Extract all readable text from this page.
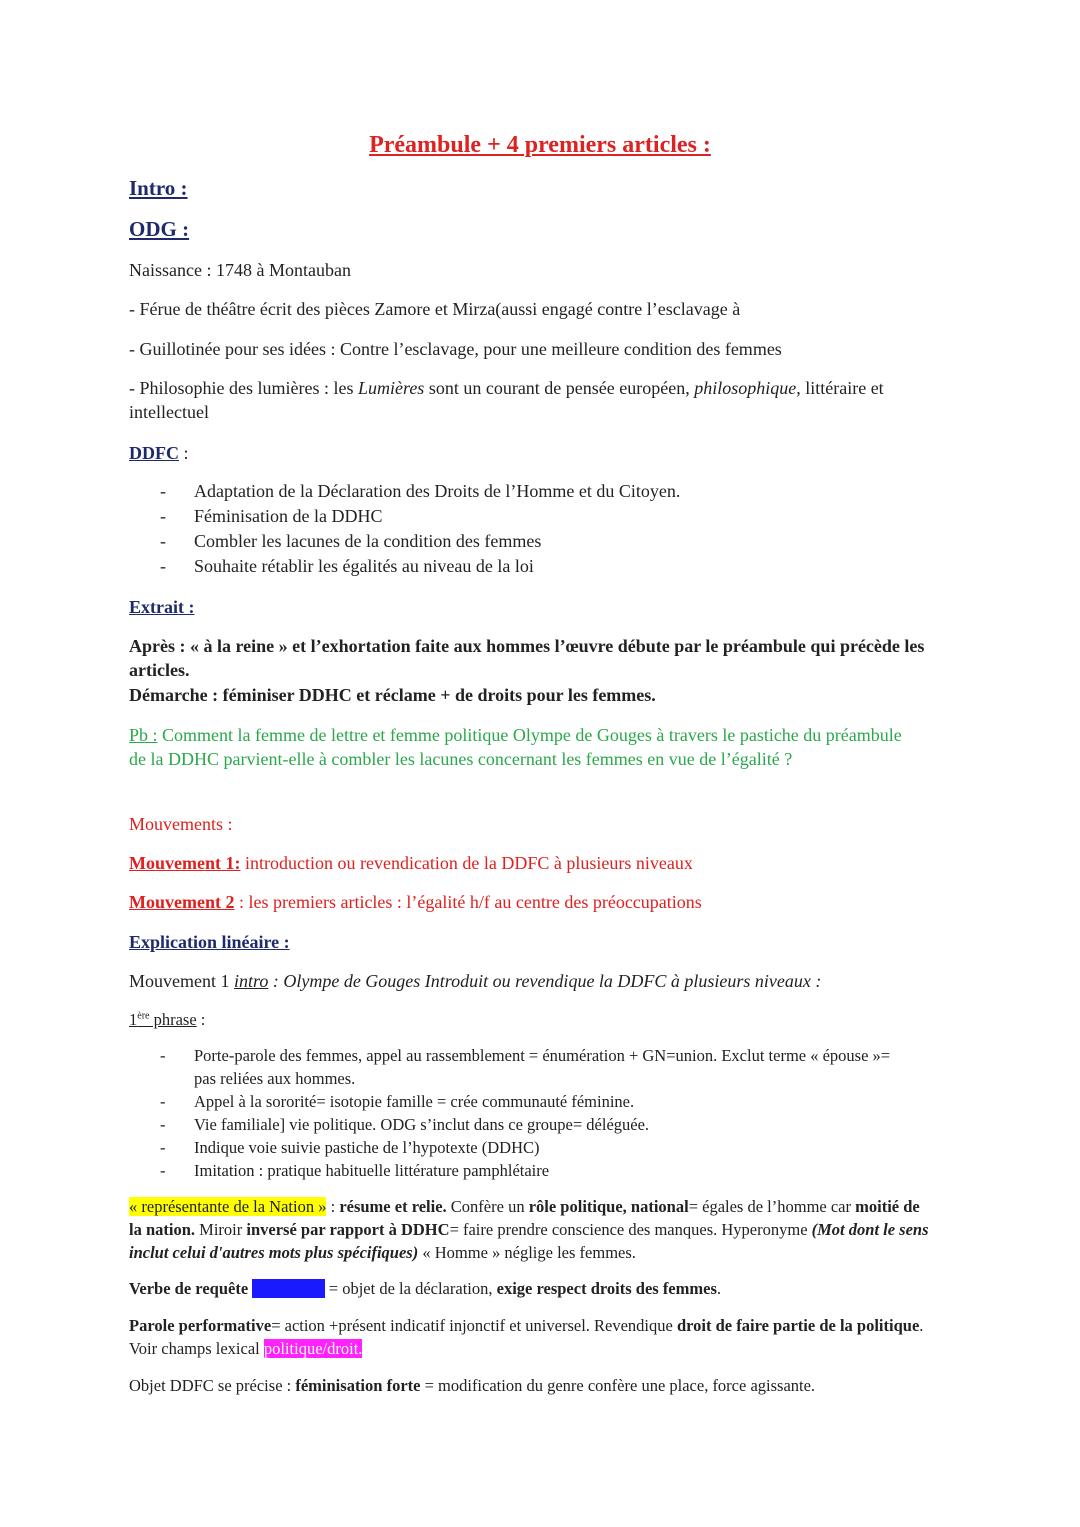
Préambule + 4 premiers articles :

Intro :

ODG :

Naissance : 1748 à Montauban

- Férue de théâtre écrit des pièces Zamore et Mirza(aussi engagé contre l’esclavage à

- Guillotinée pour ses idées : Contre l’esclavage, pour une meilleure condition des femmes

- Philosophie des lumières : les Lumières sont un courant de pensée européen, philosophique, littéraire et intellectuel

DDFC :

- Adaptation de la Déclaration des Droits de l’Homme et du Citoyen.
- Féminisation de la DDHC
- Combler les lacunes de la condition des femmes
- Souhaite rétablir les égalités au niveau de la loi

Extrait :

Après : « à la reine » et l’exhortation faite aux hommes l’œuvre débute par le préambule qui précède les articles.

Démarche : féminiser DDHC et réclame + de droits pour les femmes.

Pb : Comment la femme de lettre et femme politique Olympe de Gouges à travers le pastiche du préambule de la DDHC parvient-elle à combler les lacunes concernant les femmes en vue de l’égalité ?

Mouvements :

Mouvement 1: introduction ou revendication de la DDFC à plusieurs niveaux

Mouvement 2 : les premiers articles : l’égalité h/f au centre des préoccupations

Explication linéaire :

Mouvement 1 intro : Olympe de Gouges Introduit ou revendique la DDFC à plusieurs niveaux :

1ère phrase :

- Porte-parole des femmes, appel au rassemblement = énumération + GN=union. Exclut terme « épouse »= pas reliées aux hommes.
- Appel à la sororité= isotopie famille = crée communauté féminine.
- Vie familiale] vie politique. ODG s’inclut dans ce groupe= déléguée.
- Indique voie suivie pastiche de l’hypotexte (DDHC)
- Imitation : pratique habituelle littérature pamphlétaire

« représentante de la Nation » : résume et relie. Confère un rôle politique, national= égales de l’homme car moitié de la nation. Miroir inversé par rapport à DDHC= faire prendre conscience des manques. Hyperonyme (Mot dont le sens inclut celui d'autres mots plus spécifiques) « Homme » néglige les femmes.

Verbe de requête demandent = objet de la déclaration, exige respect droits des femmes.

Parole performative= action +présent indicatif injonctif et universel. Revendique droit de faire partie de la politique. Voir champs lexical politique/droit.

Objet DDFC se précise : féminisation forte = modification du genre confère une place, force agissante.
